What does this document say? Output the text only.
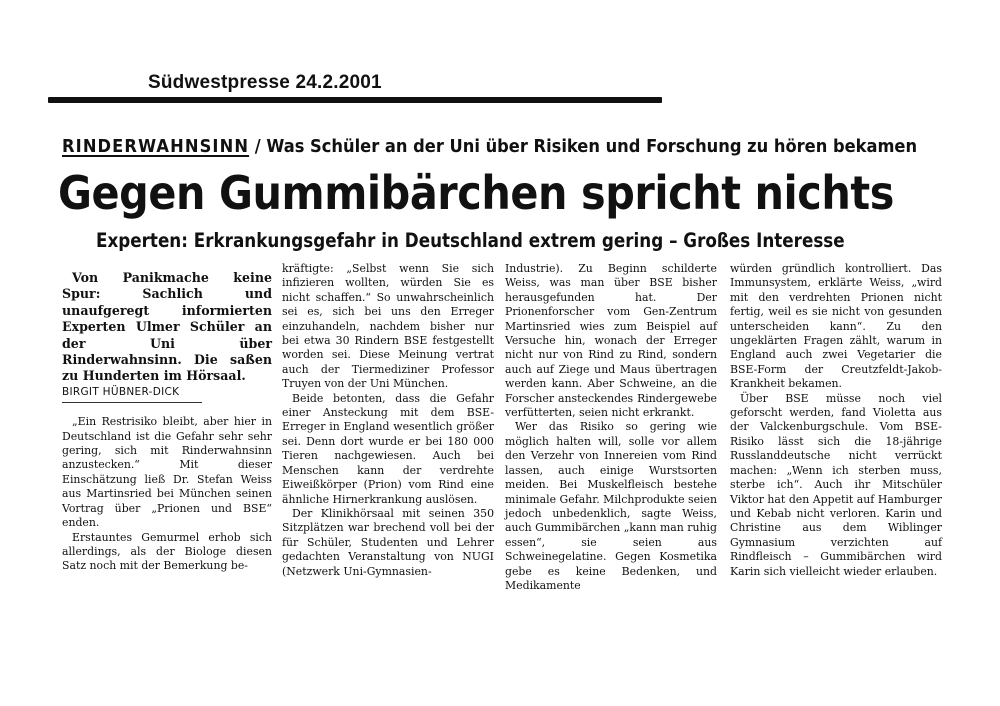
Südwestpresse 24.2.2001
RINDERWAHNSINN / Was Schüler an der Uni über Risiken und Forschung zu hören bekamen
Gegen Gummibärchen spricht nichts
Experten: Erkrankungsgefahr in Deutschland extrem gering – Großes Interesse

Von Panikmache keine Spur: Sachlich und unaufgeregt informierten Experten Ulmer Schüler an der Uni über Rinderwahnsinn. Die saßen zu Hunderten im Hörsaal.

BIRGIT HÜBNER-DICK

„Ein Restrisiko bleibt, aber hier in Deutschland ist die Gefahr sehr sehr gering, sich mit Rinderwahnsinn anzustecken.“ Mit dieser Einschätzung ließ Dr. Stefan Weiss aus Martinsried bei München seinen Vortrag über „Prionen und BSE“ enden.

Erstauntes Gemurmel erhob sich allerdings, als der Biologe diesen Satz noch mit der Bemerkung be-

kräftigte: „Selbst wenn Sie sich infizieren wollten, würden Sie es nicht schaffen.“ So unwahrscheinlich sei es, sich bei uns den Erreger einzuhandeln, nachdem bisher nur bei etwa 30 Rindern BSE festgestellt worden sei. Diese Meinung vertrat auch der Tiermediziner Professor Truyen von der Uni München.

Beide betonten, dass die Gefahr einer Ansteckung mit dem BSE-Erreger in England wesentlich größer sei. Denn dort wurde er bei 180 000 Tieren nachgewiesen. Auch bei Menschen kann der verdrehte Eiweißkörper (Prion) vom Rind eine ähnliche Hirnerkrankung auslösen.

Der Klinikhörsaal mit seinen 350 Sitzplätzen war brechend voll bei der für Schüler, Studenten und Lehrer gedachten Veranstaltung von NUGI (Netzwerk Uni-Gymnasien-

Industrie). Zu Beginn schilderte Weiss, was man über BSE bisher herausgefunden hat. Der Prionenforscher vom Gen-Zentrum Martinsried wies zum Beispiel auf Versuche hin, wonach der Erreger nicht nur von Rind zu Rind, sondern auch auf Ziege und Maus übertragen werden kann. Aber Schweine, an die Forscher ansteckendes Rindergewebe verfütterten, seien nicht erkrankt.

Wer das Risiko so gering wie möglich halten will, solle vor allem den Verzehr von Innereien vom Rind lassen, auch einige Wurstsorten meiden. Bei Muskelfleisch bestehe minimale Gefahr. Milchprodukte seien jedoch unbedenklich, sagte Weiss, auch Gummibärchen „kann man ruhig essen“, sie seien aus Schweinegelatine. Gegen Kosmetika gebe es keine Bedenken, und Medikamente

würden gründlich kontrolliert. Das Immunsystem, erklärte Weiss, „wird mit den verdrehten Prionen nicht fertig, weil es sie nicht von gesunden unterscheiden kann“. Zu den ungeklärten Fragen zählt, warum in England auch zwei Vegetarier die BSE-Form der Creutzfeldt-Jakob-Krankheit bekamen.

Über BSE müsse noch viel geforscht werden, fand Violetta aus der Valckenburgschule. Vom BSE-Risiko lässt sich die 18-jährige Russlanddeutsche nicht verrückt machen: „Wenn ich sterben muss, sterbe ich“. Auch ihr Mitschüler Viktor hat den Appetit auf Hamburger und Kebab nicht verloren. Karin und Christine aus dem Wiblinger Gymnasium verzichten auf Rindfleisch – Gummibärchen wird Karin sich vielleicht wieder erlauben.
